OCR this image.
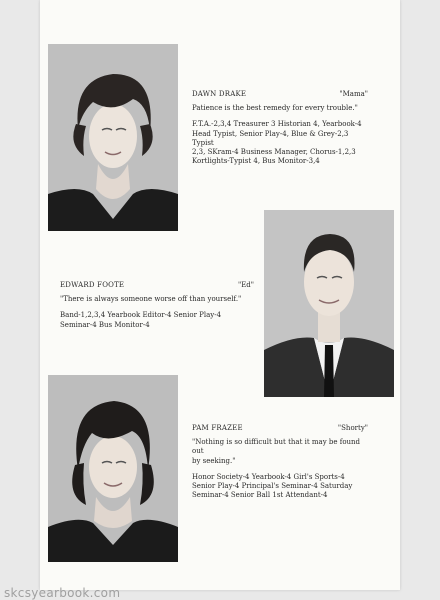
DAWN DRAKE	"Mama"
Patience is the best remedy for every trouble."
F.T.A.-2,3,4 Treasurer 3 Historian 4, Yearbook-4
Head Typist, Senior Play-4, Blue & Grey-2,3 Typist
2,3, SKram-4 Business Manager, Chorus-1,2,3
Kortlights-Typist 4, Bus Monitor-3,4
EDWARD FOOTE	"Ed"
"There is always someone worse off than yourself."
Band-1,2,3,4 Yearbook Editor-4 Senior Play-4
Seminar-4 Bus Monitor-4
PAM FRAZEE	"Shorty"
"Nothing is so difficult but that it may be found out
by seeking."
Honor Society-4 Yearbook-4 Girl's Sports-4
Senior Play-4 Principal's Seminar-4 Saturday
Seminar-4 Senior Ball 1st Attendant-4
skcsyearbook.com
